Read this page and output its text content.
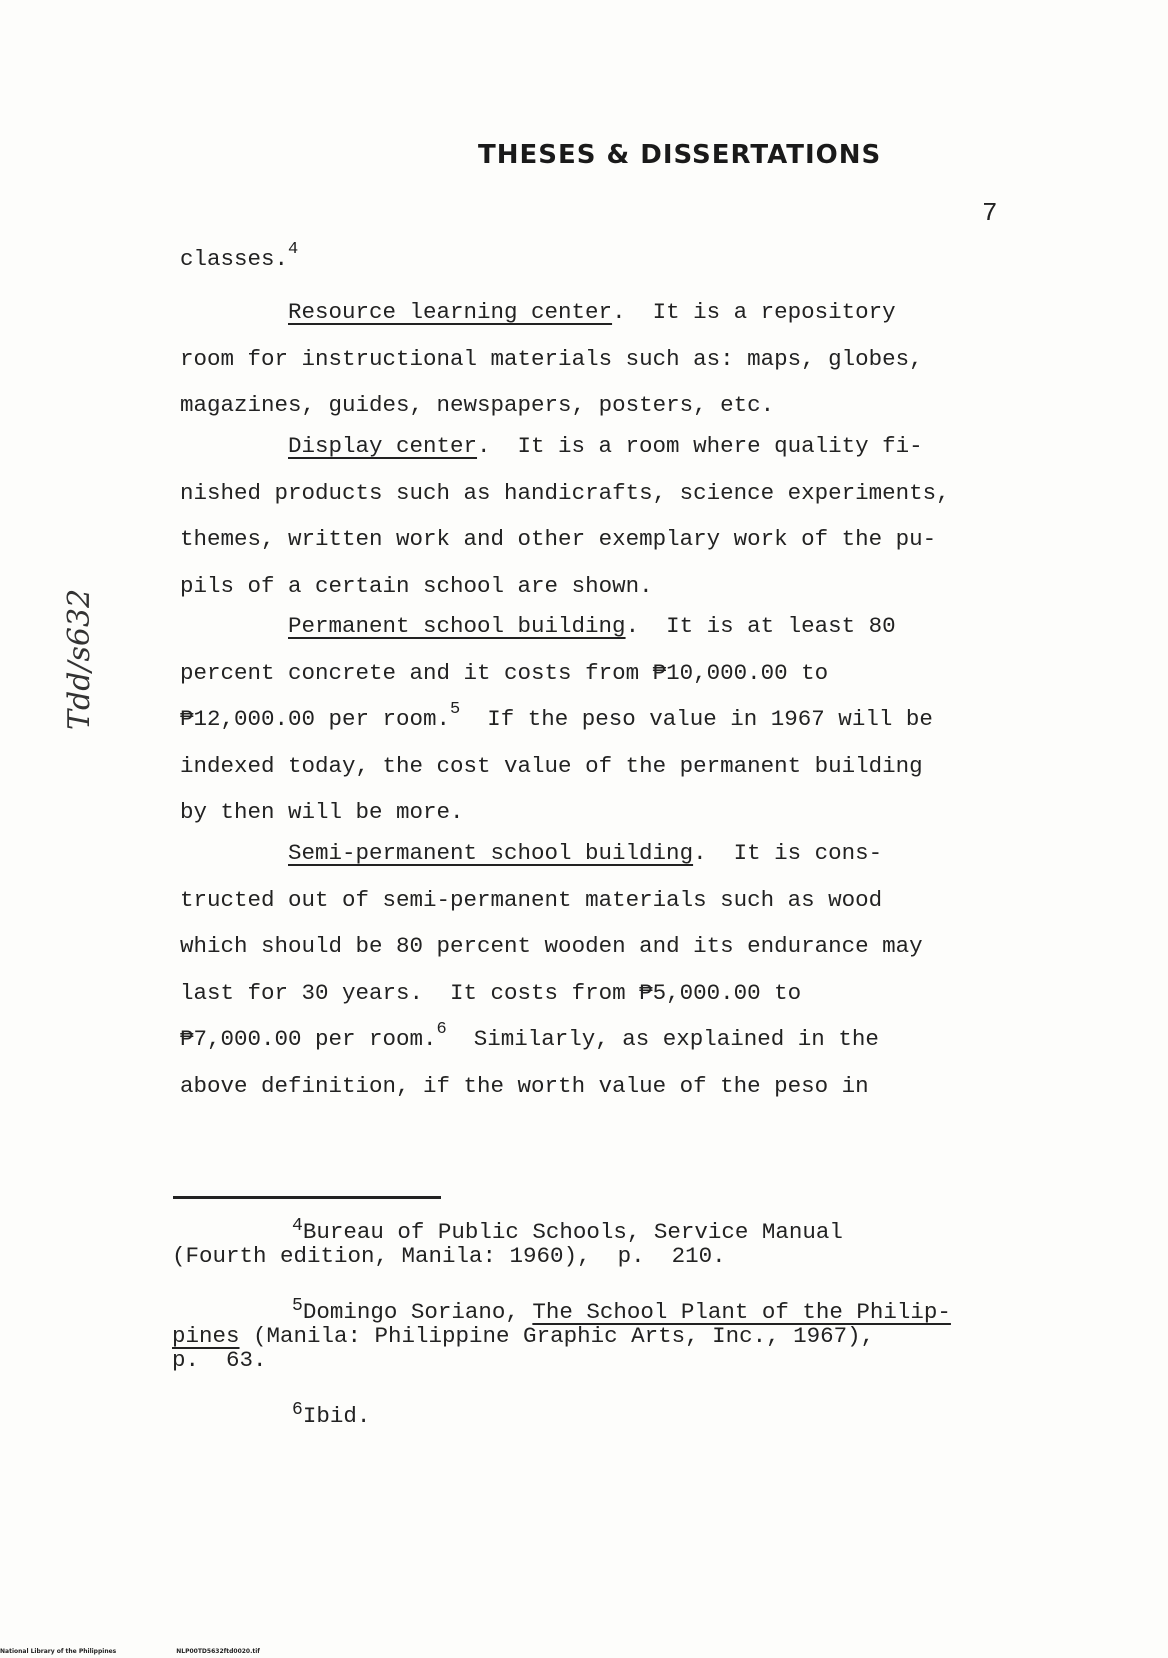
THESES & DISSERTATIONS
7
Tdd/s632
classes.$^4$
Resource learning center.  It is a repository
room for instructional materials such as: maps, globes,
magazines, guides, newspapers, posters, etc.
Display center.  It is a room where quality fi-
nished products such as handicrafts, science experiments,
themes, written work and other exemplary work of the pu-
pils of a certain school are shown.
Permanent school building.  It is at least 80
percent concrete and it costs from ₱10,000.00 to
₱12,000.00 per room.$^5$  If the peso value in 1967 will be
indexed today, the cost value of the permanent building
by then will be more.
Semi-permanent school building.  It is cons-
tructed out of semi-permanent materials such as wood
which should be 80 percent wooden and its endurance may
last for 30 years.  It costs from ₱5,000.00 to
₱7,000.00 per room.$^6$  Similarly, as explained in the
above definition, if the worth value of the peso in
$^4$Bureau of Public Schools, Service Manual
(Fourth edition, Manila: 1960),  p.  210.
$^5$Domingo Soriano, The School Plant of the Philip-
pines (Manila: Philippine Graphic Arts, Inc., 1967),
p.  63.
$^6$Ibid.
National Library of the Philippines	NLP00TD5632ftd0020.tif
